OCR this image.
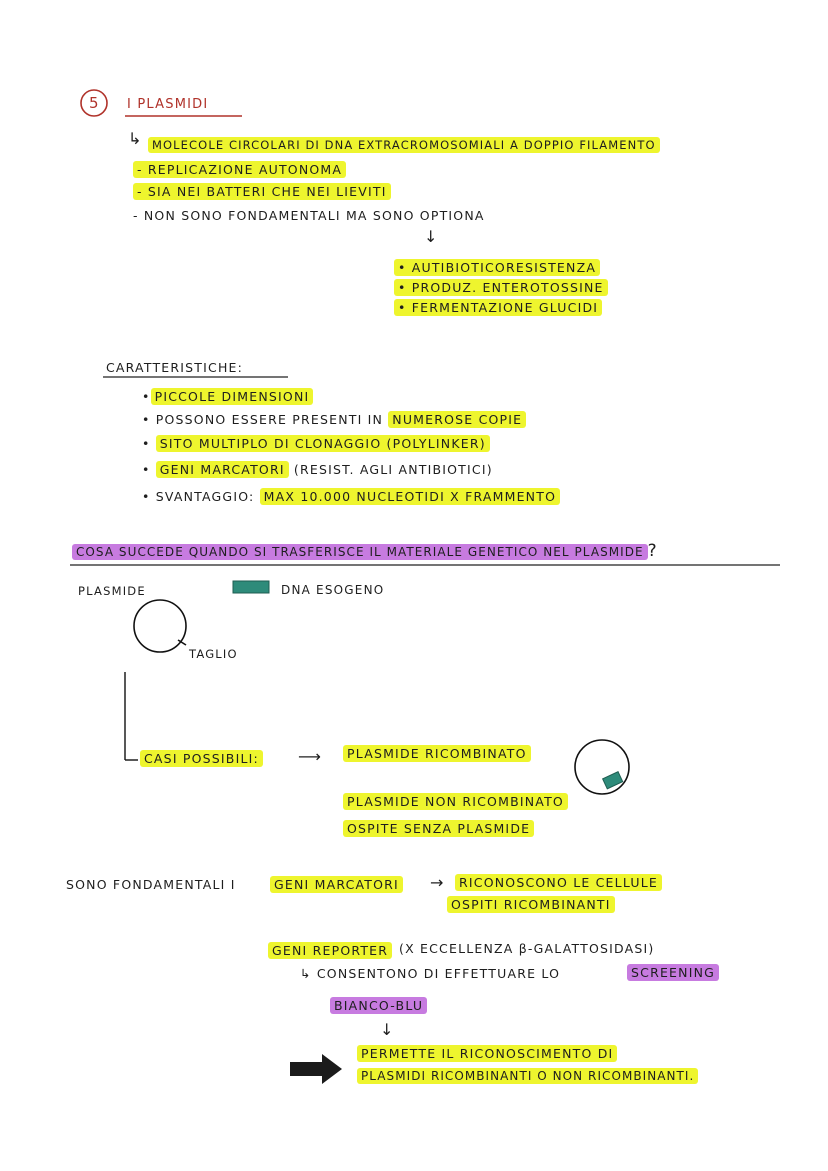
5 I PLASMIDI
↳ MOLECOLE CIRCOLARI DI DNA EXTRACROMOSOMIALI A DOPPIO FILAMENTO
- REPLICAZIONE AUTONOMA
- SIA NEI BATTERI CHE NEI LIEVITI
- NON SONO FONDAMENTALI MA SONO OPTIONA
↓
• AUTIBIOTICORESISTENZA
• PRODUZ. ENTEROTOSSINE
• FERMENTAZIONE GLUCIDI
CARATTERISTICHE:
• PICCOLE DIMENSIONI
• POSSONO ESSERE PRESENTI IN NUMEROSE COPIE
• SITO MULTIPLO DI CLONAGGIO (POLYLINKER)
• GENI MARCATORI (RESIST. AGLI ANTIBIOTICI)
• SVANTAGGIO: MAX 10.000 NUCLEOTIDI X FRAMMENTO
COSA SUCCEDE QUANDO SI TRASFERISCE IL MATERIALE GENETICO NEL PLASMIDE ?
PLASMIDE	DNA ESOGENO
TAGLIO
CASI POSSIBILI: ⟶	PLASMIDE RICOMBINATO
PLASMIDE NON RICOMBINATO
OSPITE SENZA PLASMIDE
SONO FONDAMENTALI I	GENI MARCATORI →	RICONOSCONO LE CELLULE
OSPITI RICOMBINANTI
GENI REPORTER (X ECCELLENZA β-GALATTOSIDASI)
↳ CONSENTONO DI EFFETTUARE LO	SCREENING
BIANCO-BLU
↓
PERMETTE IL RICONOSCIMENTO DI
PLASMIDI RICOMBINANTI O NON RICOMBINANTI.
